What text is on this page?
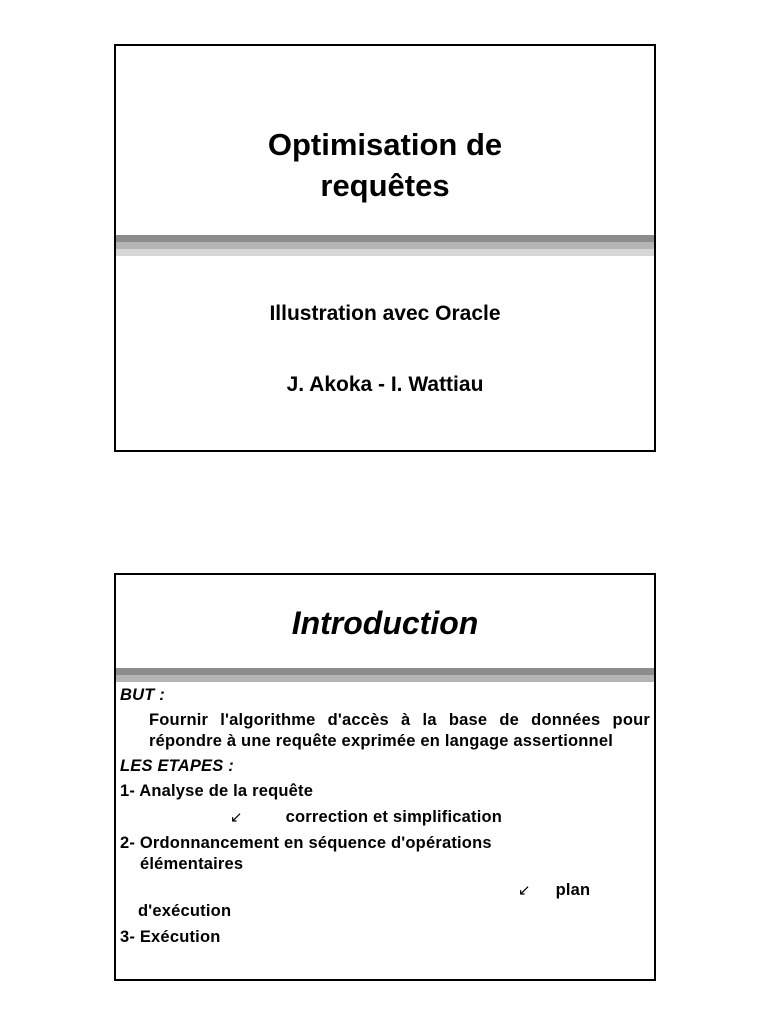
Optimisation de
requêtes
Illustration avec Oracle
J. Akoka - I. Wattiau
Introduction
BUT :
Fournir l'algorithme d'accès à la base de données pour répondre à une requête exprimée en langage assertionnel
LES ETAPES :
1- Analyse de la requête
↙	correction et simplification
2- Ordonnancement en séquence d'opérations
élémentaires
↙ plan
d'exécution
3- Exécution
